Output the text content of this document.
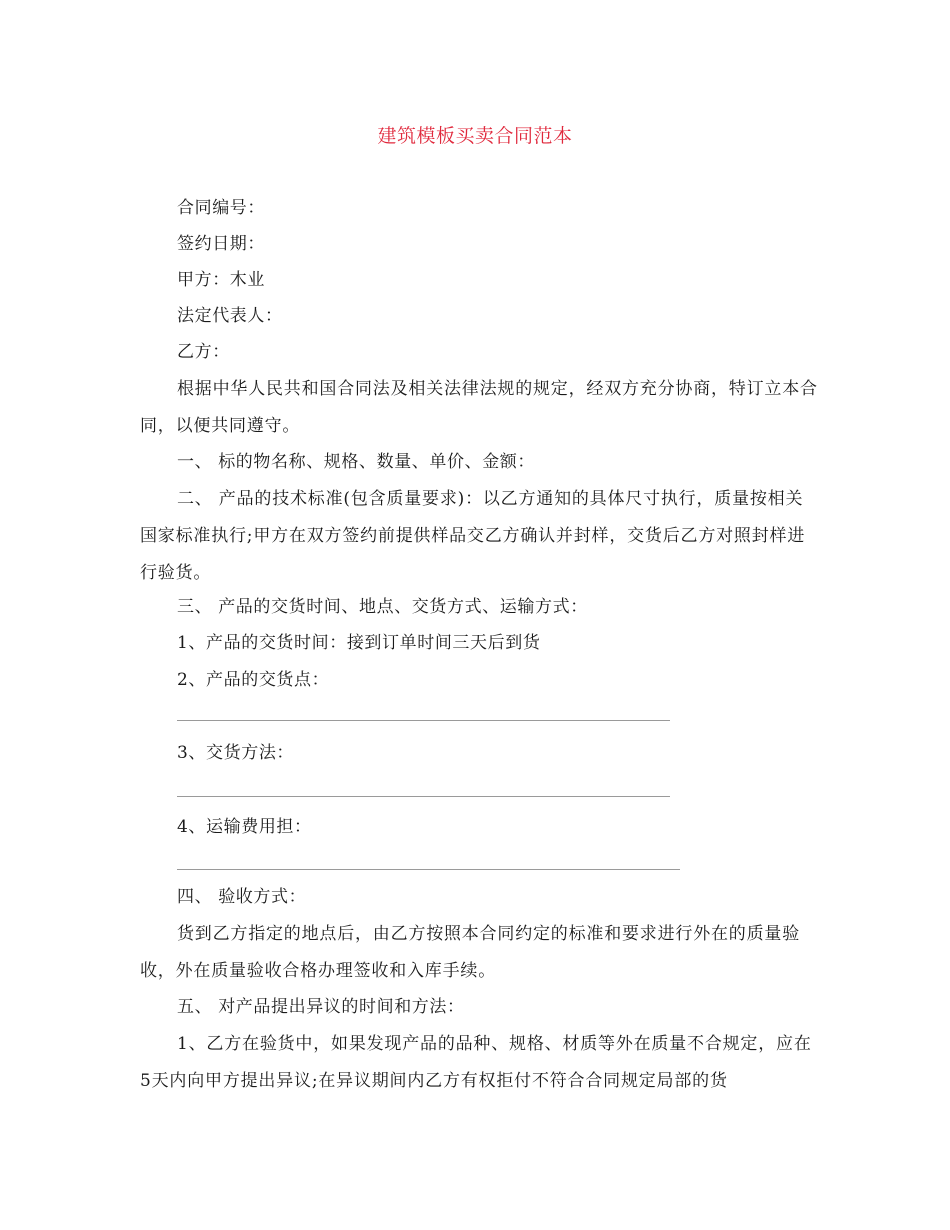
建筑模板买卖合同范本
合同编号：
签约日期：
甲方：木业
法定代表人：
乙方：
根据中华人民共和国合同法及相关法律法规的规定，经双方充分协商，特订立本合同，以便共同遵守。
一、 标的物名称、规格、数量、单价、金额：
二、 产品的技术标准(包含质量要求)：以乙方通知的具体尺寸执行，质量按相关国家标准执行;甲方在双方签约前提供样品交乙方确认并封样，交货后乙方对照封样进行验货。
三、 产品的交货时间、地点、交货方式、运输方式：
1、产品的交货时间：接到订单时间三天后到货
2、产品的交货点：
3、交货方法：
4、运输费用担：
四、 验收方式：
货到乙方指定的地点后，由乙方按照本合同约定的标准和要求进行外在的质量验收，外在质量验收合格办理签收和入库手续。
五、 对产品提出异议的时间和方法：
1、乙方在验货中，如果发现产品的品种、规格、材质等外在质量不合规定，应在5天内向甲方提出异议;在异议期间内乙方有权拒付不符合合同规定局部的货
